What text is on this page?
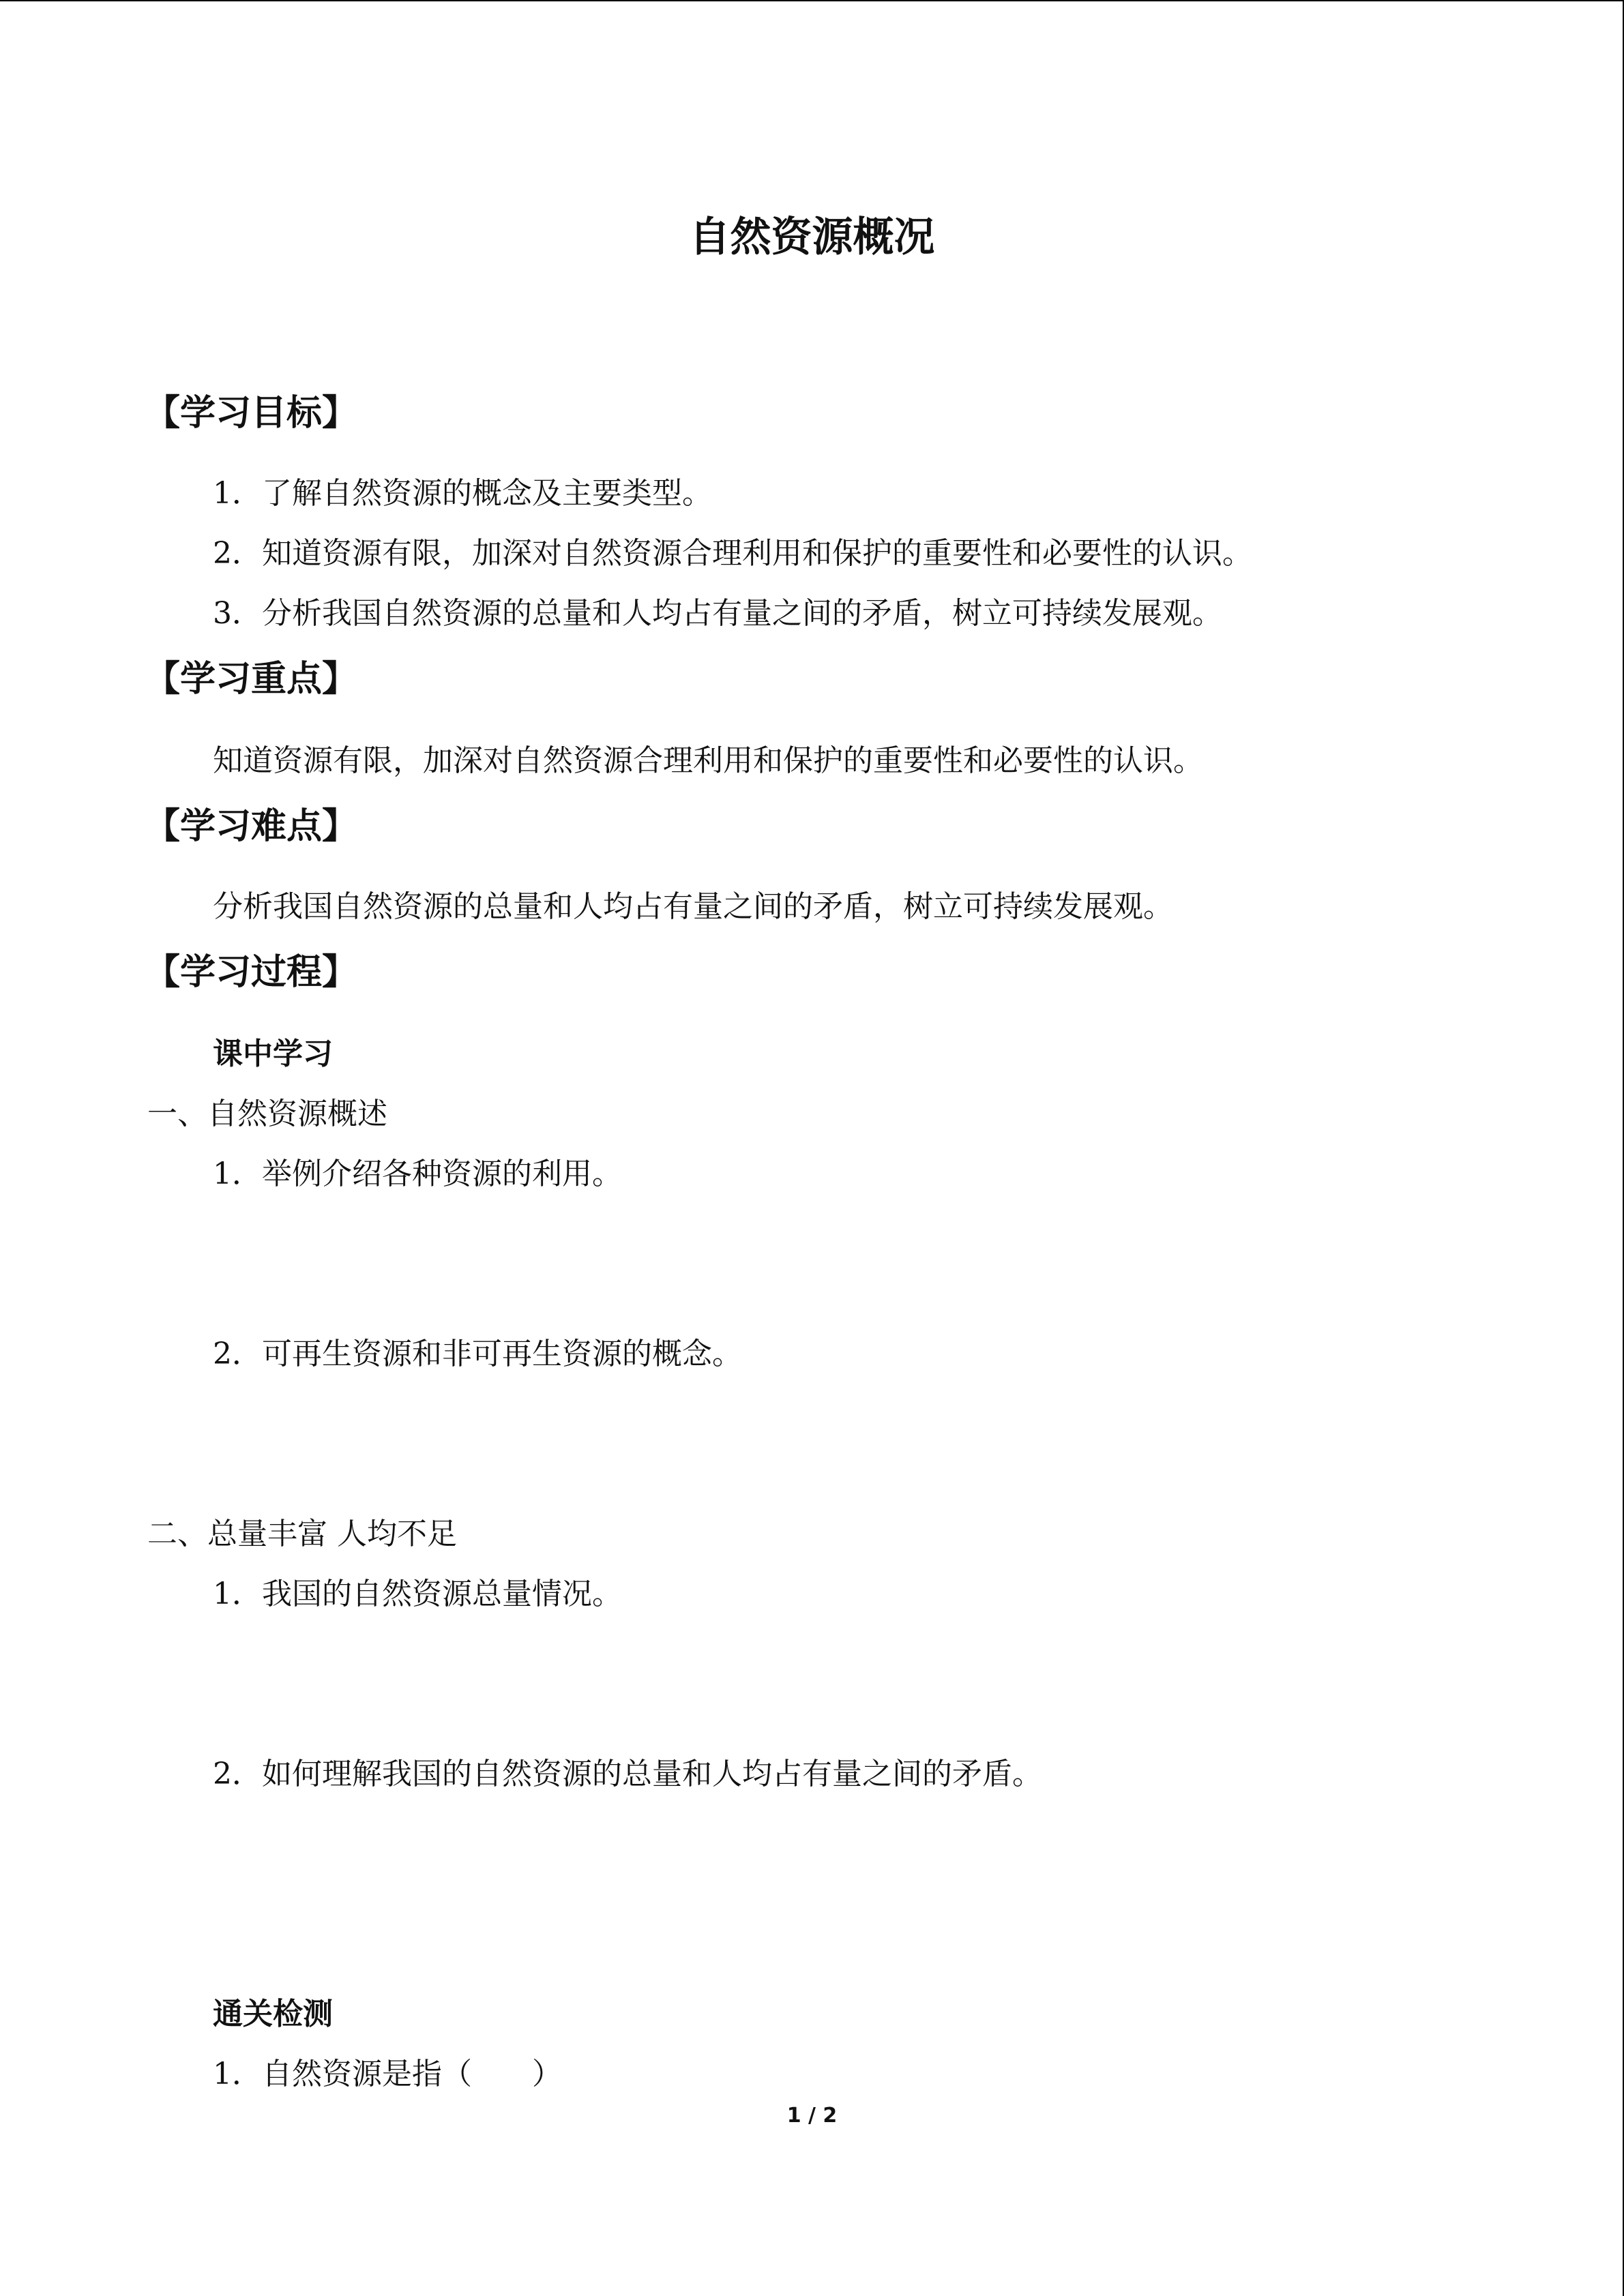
自然资源概况
【学习目标】
1．了解自然资源的概念及主要类型。
2．知道资源有限，加深对自然资源合理利用和保护的重要性和必要性的认识。
3．分析我国自然资源的总量和人均占有量之间的矛盾，树立可持续发展观。
【学习重点】
知道资源有限，加深对自然资源合理利用和保护的重要性和必要性的认识。
【学习难点】
分析我国自然资源的总量和人均占有量之间的矛盾，树立可持续发展观。
【学习过程】
课中学习
一、自然资源概述
1．举例介绍各种资源的利用。
2．可再生资源和非可再生资源的概念。
二、总量丰富 人均不足
1．我国的自然资源总量情况。
2．如何理解我国的自然资源的总量和人均占有量之间的矛盾。
通关检测
1．自然资源是指（　　）
1 / 2
